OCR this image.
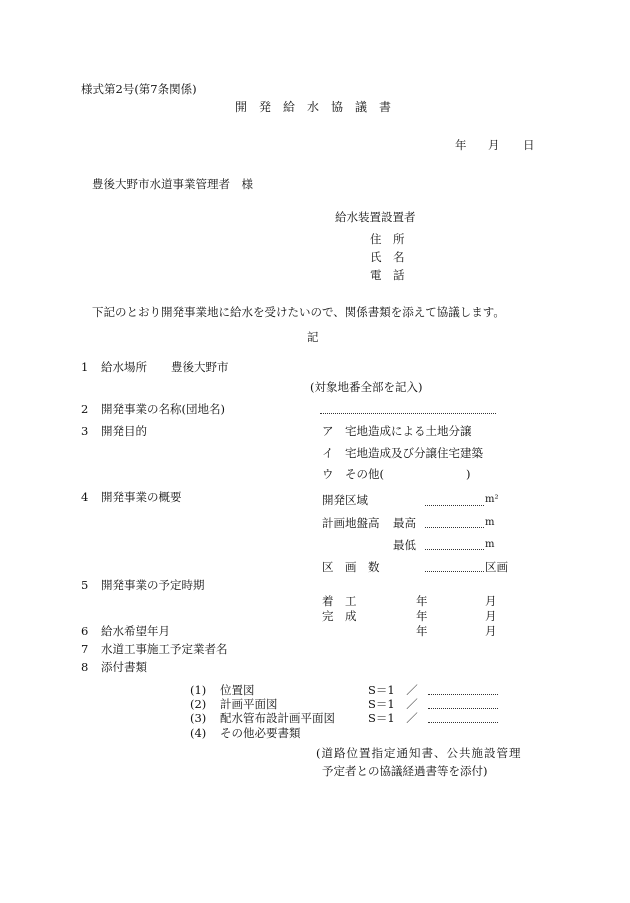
様式第2号(第7条関係)
開　発　給　水　協　議　書
年 月 日
豊後大野市水道事業管理者　様
給水装置設置者
住　所
氏　名
電　話
下記のとおり開発事業地に給水を受けたいので、関係書類を添えて協議します。
記
1 給水場所 豊後大野市
(対象地番全部を記入)
2 開発事業の名称(団地名)
3 開発目的	ア　宅地造成による土地分譲
イ　宅地造成及び分譲住宅建築
ウ　その他(	)
4 開発事業の概要	開発区域	m²
計画地盤高 最高	m
最低	m
区　画　数	区画
5 開発事業の予定時期
着　工	年	月
完　成	年	月
6 給水希望年月	年	月
7 水道工事施工予定業者名
8 添付書類
(1) 位置図	S＝1　／
(2) 計画平面図	S＝1　／
(3) 配水管布設計画平面図	S＝1　／
(4) その他必要書類
(道路位置指定通知書、公共施設管理
予定者との協議経過書等を添付)
